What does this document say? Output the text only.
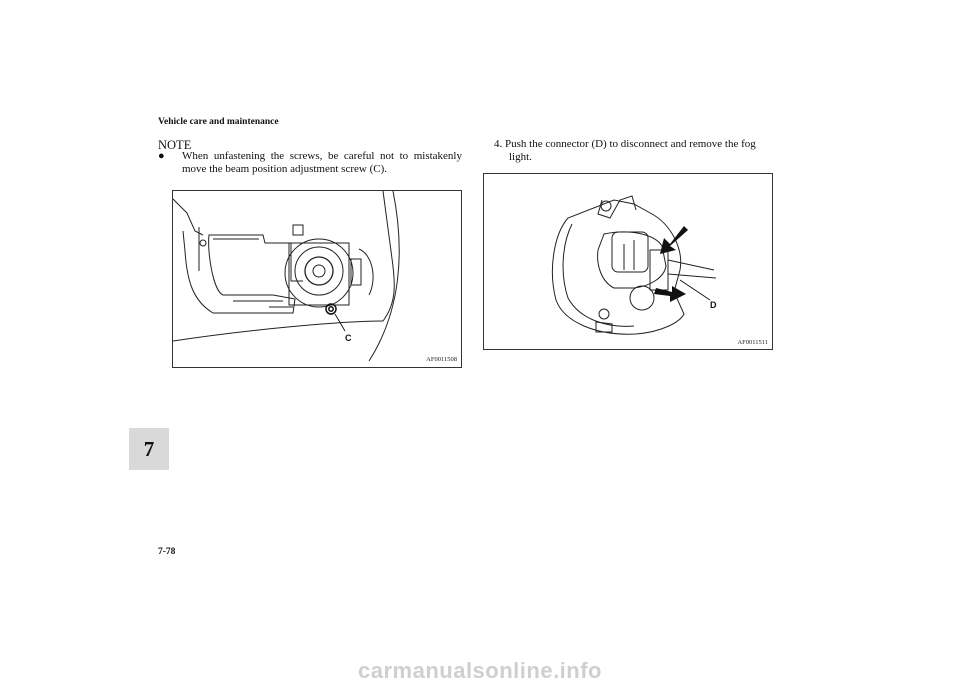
Vehicle care and maintenance
7
NOTE
● When unfastening the screws, be careful not to mistakenly move the beam position adjustment screw (C).
4. Push the connector (D) to disconnect and remove the fog
light.
C
AF0011508
D
AF0011511
7-78
carmanualsonline.info
